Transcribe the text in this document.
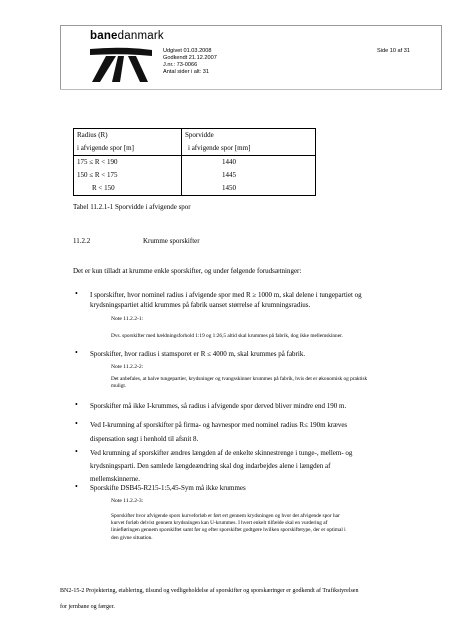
banedanmark
Udgivet 01.03.2008
Godkendt 21.12.2007
J.nr.: 73-0066
Antal sider i alt: 31
Side 10 af 31
Radius (R)	Sporvidde
i afvigende spor [m]	i afvigende spor [mm]
175 ≤ R < 190	1440
150 ≤ R < 175	1445
R < 150	1450
Tabel 11.2.1-1 Sporvidde i afvigende spor
11.2.2	Krumme sporskifter
Det er kun tilladt at krumme enkle sporskifter, og under følgende forudsætninger:
• I sporskifter, hvor nominel radius i afvigende spor med R ≥ 1000 m, skal delene i tungepartiet og
krydsningspartiet altid krummes på fabrik uanset størrelse af krumningsradius.
Note 11.2.2-1:
Dvs. sporskifter med hældningsforhold 1:19 og 1:26,5 altid skal krummes på fabrik, dog ikke mellemskinner.
• Sporskifter, hvor radius i stamsporet er R ≤ 4000 m, skal krummes på fabrik.
Note 11.2.2-2:
Det anbefales, at halve tungepartier, krydsninger og tvangsskinner krummes på fabrik, hvis det er økonomisk og praktisk
muligt.
• Sporskifter må ikke I-krummes, så radius i afvigende spor derved bliver mindre end 190 m.
• Ved I-krumning af sporskifter på firma- og havnespor med nominel radius R≤ 190m kræves
dispensation søgt i henhold til afsnit 8.
• Ved krumning af sporskifter ændres længden af de enkelte skinnestrenge i tunge-, mellem- og
krydsningsparti. Den samlede længdeændring skal dog indarbejdes alene i længden af
mellemskinnerne.
• Sporskifte DSB45-R215-1:5,45-Sym må ikke krummes
Note 11.2.2-3:
Sporskifter hvor afvigende spors kurveforløb er ført ert gennem krydsningen og hvor det afvigende spor har
kurvet forløb delvist gennem krydsningen kan U-krummes. I hvert enkelt tilfælde skal en vurdering af
liniefløringen gennem sporskiftet samt før og efter sporskiftet godtgøre hvilken sporskiftetype, der er optimal i
den givne situation.
BN2-15-2 Projektering, etablering, tilsund og vedligeholdelse af sporskifter og sporskæringer er godkendt af Trafikstyrelsen
for jernbane og færger.
